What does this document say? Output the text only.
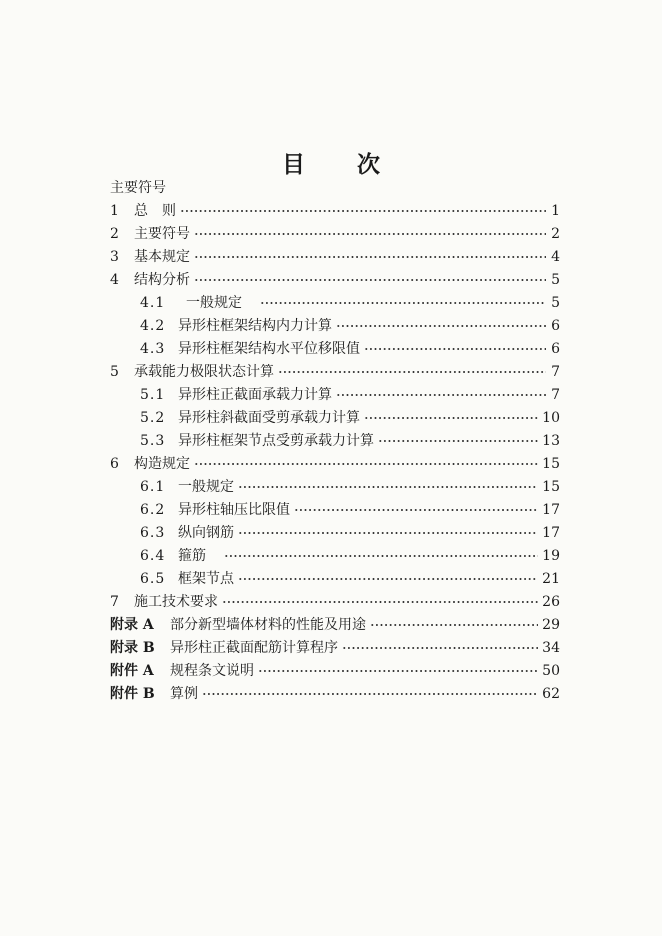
目 次
主要符号
1	总　则	1
2	主要符号	2
3	基本规定	4
4	结构分析	5
4.1	一般规定	5
4.2 异形柱框架结构内力计算	6
4.3 异形柱框架结构水平位移限值	6
5	承载能力极限状态计算	7
5.1 异形柱正截面承载力计算	7
5.2 异形柱斜截面受剪承载力计算	10
5.3 异形柱框架节点受剪承载力计算	13
6	构造规定	15
6.1 一般规定	15
6.2 异形柱轴压比限值	17
6.3 纵向钢筋	17
6.4 箍筋	19
6.5 框架节点	21
7	施工技术要求	26
附录 A	部分新型墙体材料的性能及用途	29
附录 B	异形柱正截面配筋计算程序	34
附件 A	规程条文说明	50
附件 B	算例	62
